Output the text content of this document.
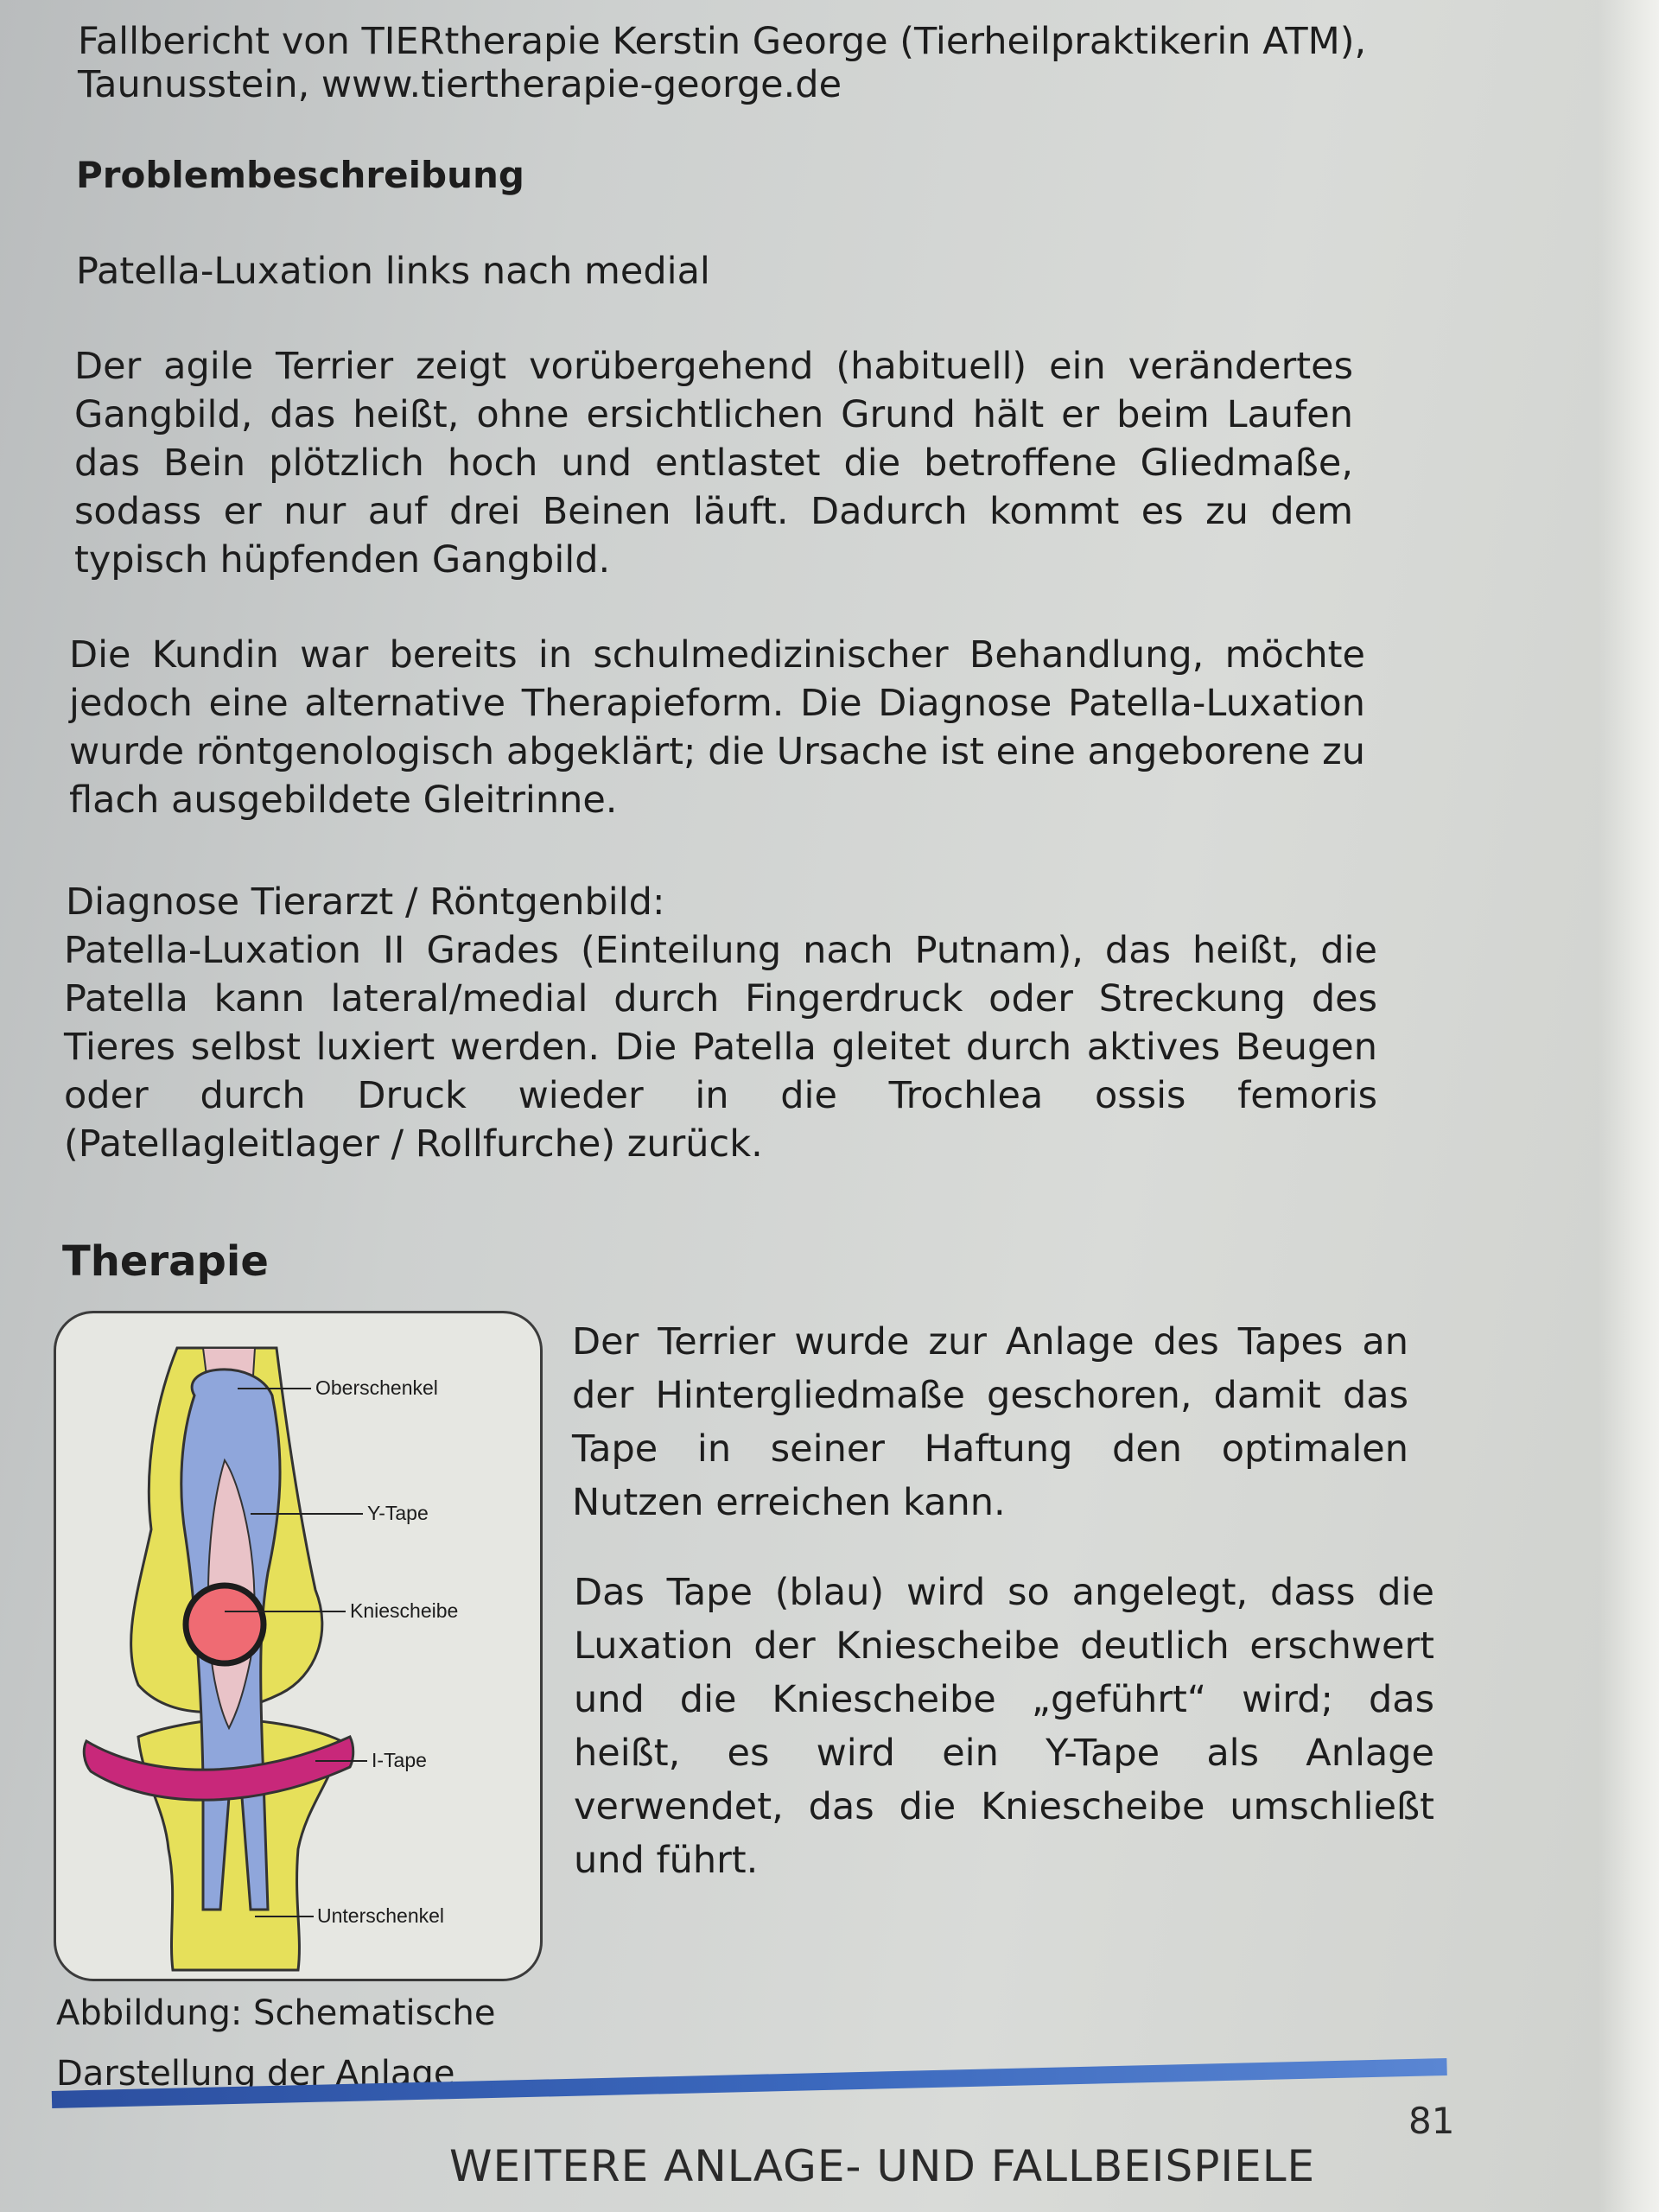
Fallbericht von TIERtherapie Kerstin George (Tierheilpraktikerin ATM),

Taunusstein, www.tiertherapie-george.de

Problembeschreibung

Patella-Luxation links nach medial

Der agile Terrier zeigt vorübergehend (habituell) ein verändertes Gangbild, das heißt, ohne ersichtlichen Grund hält er beim Laufen das Bein plötzlich hoch und entlastet die betroffene Gliedmaße, sodass er nur auf drei Beinen läuft. Dadurch kommt es zu dem typisch hüpfenden Gangbild.

Die Kundin war bereits in schulmedizinischer Behandlung, möchte jedoch eine alternative Therapieform. Die Diagnose Patella-Luxation wurde röntgenologisch abgeklärt; die Ursache ist eine angeborene zu flach ausgebildete Gleitrinne.

Diagnose Tierarzt / Röntgenbild:

Patella-Luxation II Grades (Einteilung nach Putnam), das heißt, die Patella kann lateral/medial durch Fingerdruck oder Streckung des Tieres selbst luxiert werden. Die Patella gleitet durch aktives Beugen oder durch Druck wieder in die Trochlea ossis femoris (Patellagleitlager / Rollfurche) zurück.

Therapie

Oberschenkel
Y-Tape
Kniescheibe
I-Tape
Unterschenkel

Der Terrier wurde zur Anlage des Tapes an der Hintergliedmaße geschoren, damit das Tape in seiner Haftung den optimalen Nutzen erreichen kann.

Das Tape (blau) wird so angelegt, dass die Luxation der Kniescheibe deutlich erschwert und die Kniescheibe „geführt“ wird; das heißt, es wird ein Y-Tape als Anlage verwendet, das die Kniescheibe umschließt und führt.

Abbildung: Schematische Darstellung der Anlage

81
WEITERE ANLAGE- UND FALLBEISPIELE
